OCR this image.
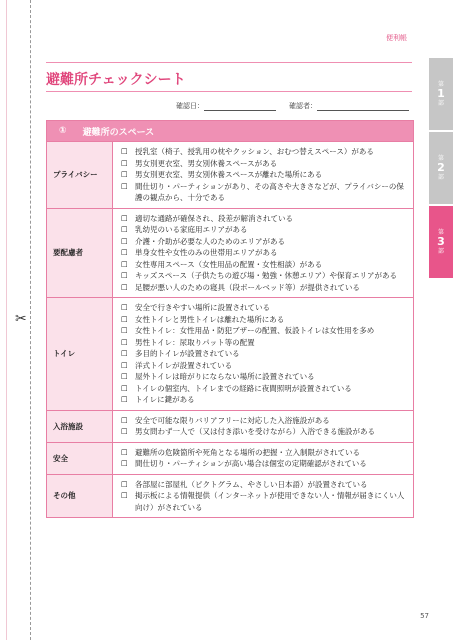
✂
便利帳
避難所チェックシート
確認日：	確認者：
第
1
部
第
2
部
第
3
部
① 避難所のスペース
プライバシー
☐ 授乳室（椅子、授乳用の枕やクッション、おむつ替えスペース）がある
☐ 男女別更衣室、男女別休養スペースがある
☐ 男女別更衣室、男女別休養スペースが離れた場所にある
☐ 間仕切り・パーティションがあり、その高さや大きさなどが、プライバシーの保護の観点から、十分である
要配慮者
☐ 適切な通路が確保され、段差が解消されている
☐ 乳幼児のいる家庭用エリアがある
☐ 介護・介助が必要な人のためのエリアがある
☐ 単身女性や女性のみの世帯用エリアがある
☐ 女性専用スペース（女性用品の配置・女性相談）がある
☐ キッズスペース（子供たちの遊び場・勉強・休憩エリア）や保育エリアがある
☐ 足腰が悪い人のための寝具（段ボールベッド等）が提供されている
トイレ
☐ 安全で行きやすい場所に設置されている
☐ 女性トイレと男性トイレは離れた場所にある
☐ 女性トイレ：女性用品・防犯ブザーの配置、仮設トイレは女性用を多め
☐ 男性トイレ：尿取りパット等の配置
☐ 多目的トイレが設置されている
☐ 洋式トイレが設置されている
☐ 屋外トイレは暗がりにならない場所に設置されている
☐ トイレの個室内、トイレまでの経路に夜間照明が設置されている
☐ トイレに鍵がある
入浴施設
☐ 安全で可能な限りバリアフリーに対応した入浴施設がある
☐ 男女問わず一人で（又は付き添いを受けながら）入浴できる施設がある
安全
☐ 避難所の危険箇所や死角となる場所の把握・立入制限がされている
☐ 間仕切り・パーティションが高い場合は個室の定期確認がされている
その他
☐ 各部屋に部屋札（ピクトグラム、やさしい日本語）が設置されている
☐ 掲示板による情報提供（インターネットが使用できない人・情報が届きにくい人向け）がされている
57
